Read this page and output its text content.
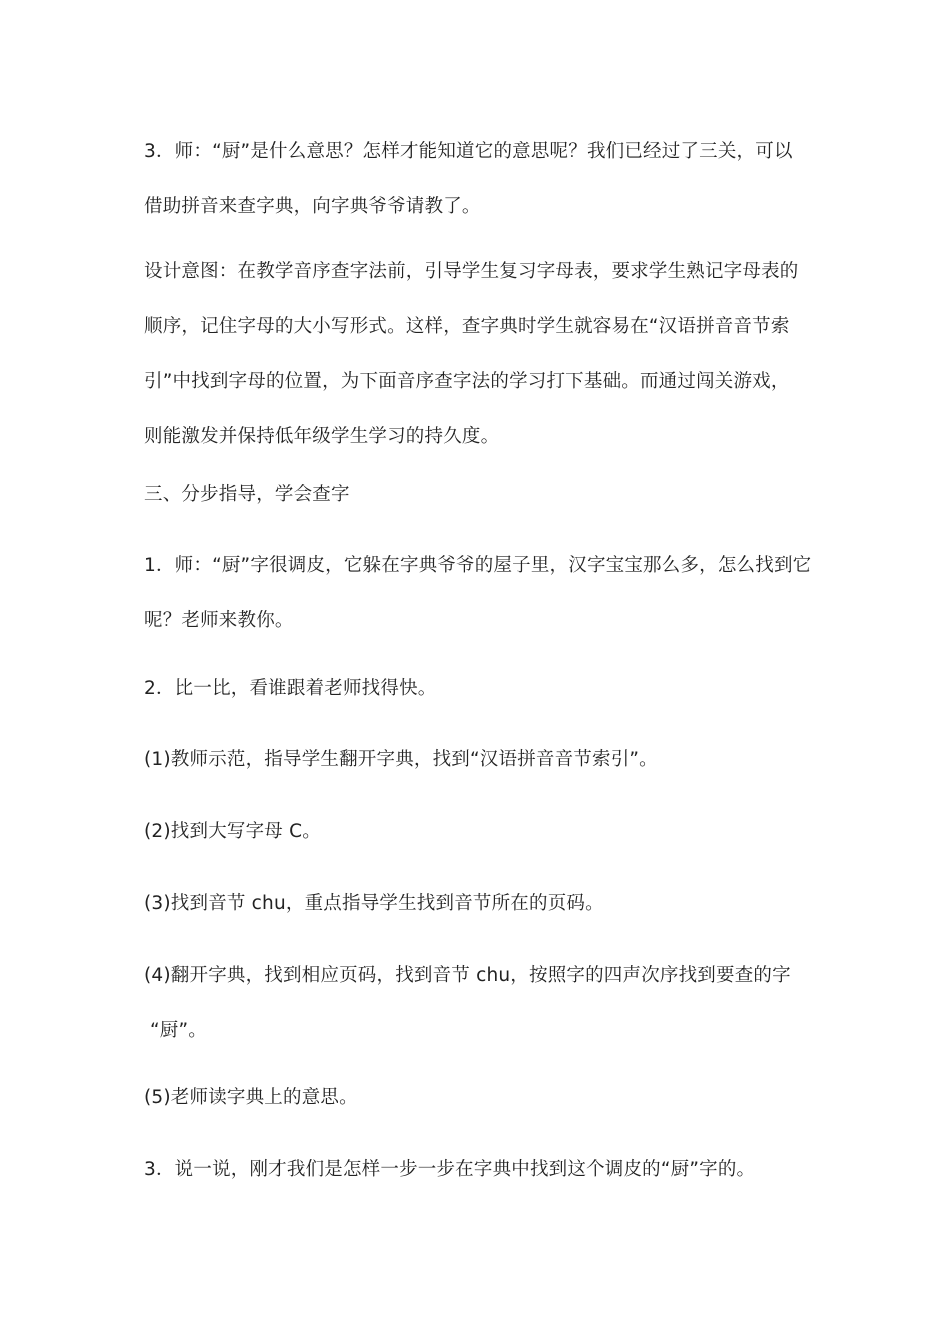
3．师：“厨”是什么意思？怎样才能知道它的意思呢？我们已经过了三关，可以
借助拼音来查字典，向字典爷爷请教了。

设计意图：在教学音序查字法前，引导学生复习字母表，要求学生熟记字母表的
顺序，记住字母的大小写形式。这样，查字典时学生就容易在“汉语拼音音节索
引”中找到字母的位置，为下面音序查字法的学习打下基础。而通过闯关游戏，
则能激发并保持低年级学生学习的持久度。

三、分步指导，学会查字

1．师：“厨”字很调皮，它躲在字典爷爷的屋子里，汉字宝宝那么多，怎么找到它
呢？老师来教你。

2．比一比，看谁跟着老师找得快。

(1)教师示范，指导学生翻开字典，找到“汉语拼音音节索引”。

(2)找到大写字母 C。

(3)找到音节 chu，重点指导学生找到音节所在的页码。

(4)翻开字典，找到相应页码，找到音节 chu，按照字的四声次序找到要查的字
“厨”。

(5)老师读字典上的意思。

3．说一说，刚才我们是怎样一步一步在字典中找到这个调皮的“厨”字的。
